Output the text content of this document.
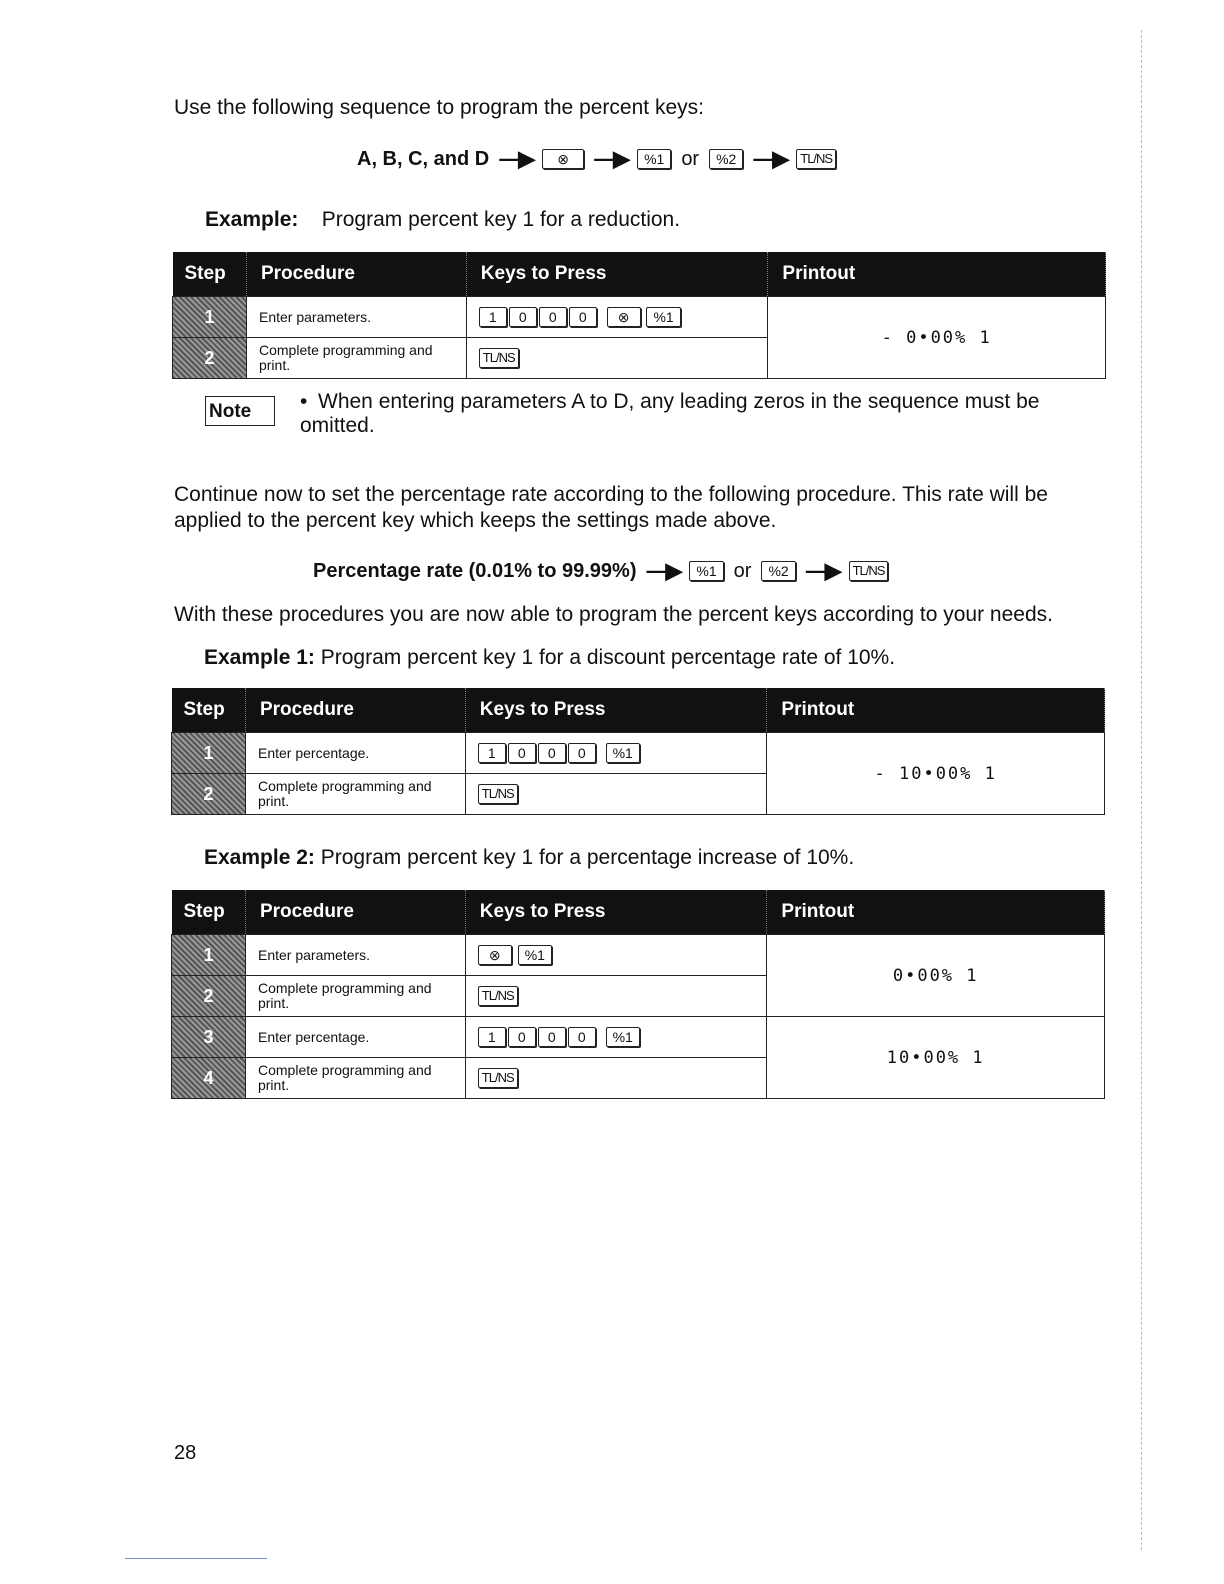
Use the following sequence to program the percent keys:
A, B, C, and D —▶	⊗	—▶	%1 or	%2 —▶	TL/NS
Example: Program percent key 1 for a reduction.
Step	Procedure	Keys to Press	Printout
1	Enter parameters.	1 0 0 0 ⊗ %1	- 0•00% 1
2	Complete programming and print.	TL/NS	
Note	• When entering parameters A to D, any leading zeros in the sequence must be omitted.
Continue now to set the percentage rate according to the following procedure. This rate will be applied to the percent key which keeps the settings made above.
Percentage rate (0.01% to 99.99%) —▶	%1 or	%2 —▶	TL/NS
With these procedures you are now able to program the percent keys according to your needs.
Example 1: Program percent key 1 for a discount percentage rate of 10%.
Step	Procedure	Keys to Press	Printout
1	Enter percentage.	1 0 0 0 %1	- 10•00% 1
2	Complete programming and print.	TL/NS	
Example 2: Program percent key 1 for a percentage increase of 10%.
Step	Procedure	Keys to Press	Printout
1	Enter parameters.	⊗ %1	0•00% 1
2	Complete programming and print.	TL/NS	
3	Enter percentage.	1 0 0 0 %1	10•00% 1
4	Complete programming and print.	TL/NS	
28
